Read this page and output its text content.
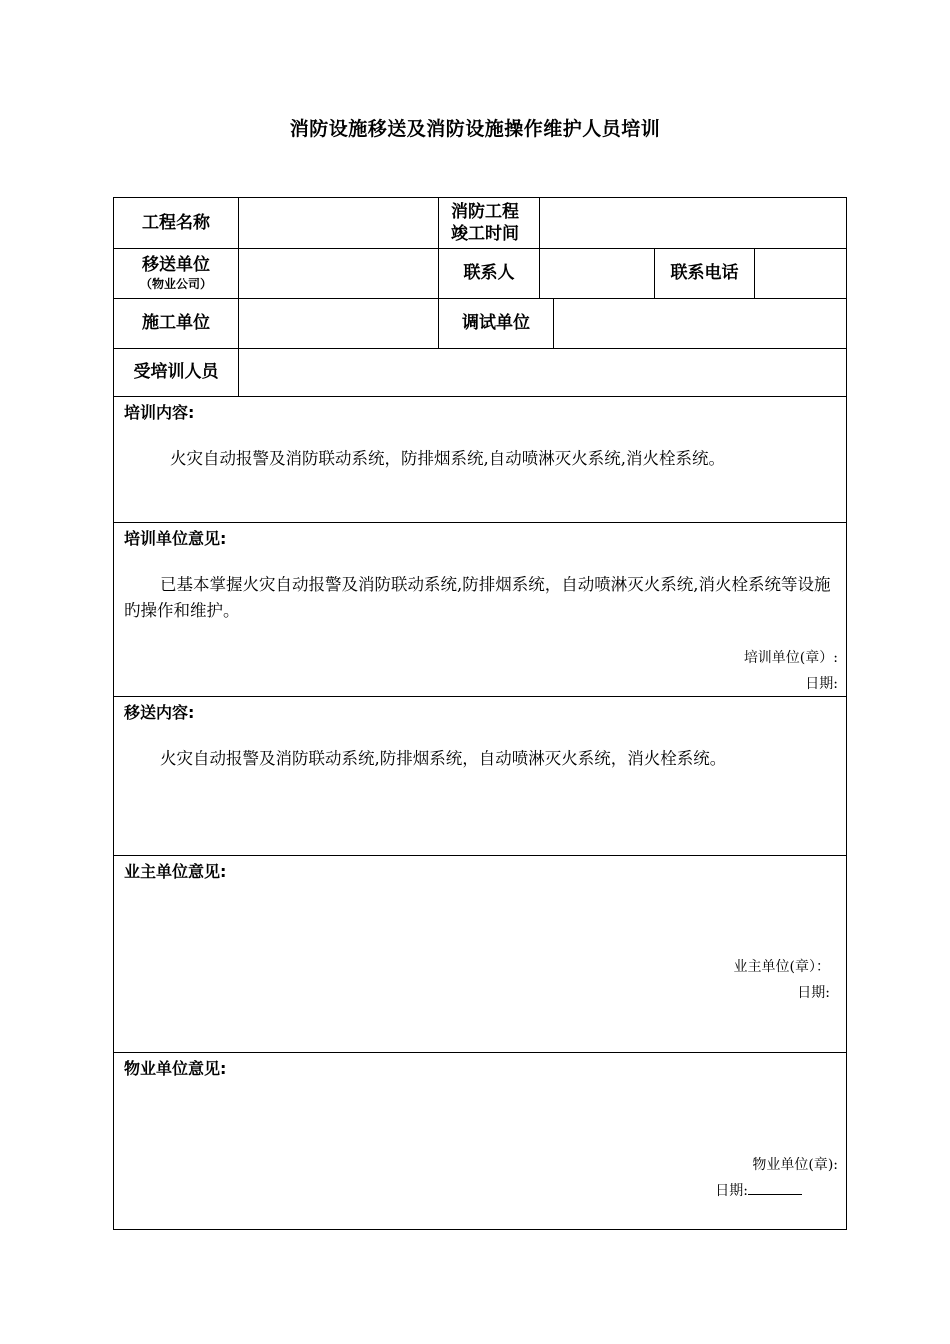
消防设施移送及消防设施操作维护人员培训
工程名称
消防工程
竣工时间
移送单位
（物业公司）
联系人	联系电话
施工单位	调试单位
受培训人员
培训内容:
火灾自动报警及消防联动系统，防排烟系统,自动喷淋灭火系统,消火栓系统。
培训单位意见:
已基本掌握火灾自动报警及消防联动系统,防排烟系统，自动喷淋灭火系统,消火栓系统等设施旳操作和维护。
培训单位(章）:
日期:
移送内容:
火灾自动报警及消防联动系统,防排烟系统，自动喷淋灭火系统，消火栓系统。
业主单位意见:
业主单位(章）：
日期:
物业单位意见:
物业单位(章):
日期:
